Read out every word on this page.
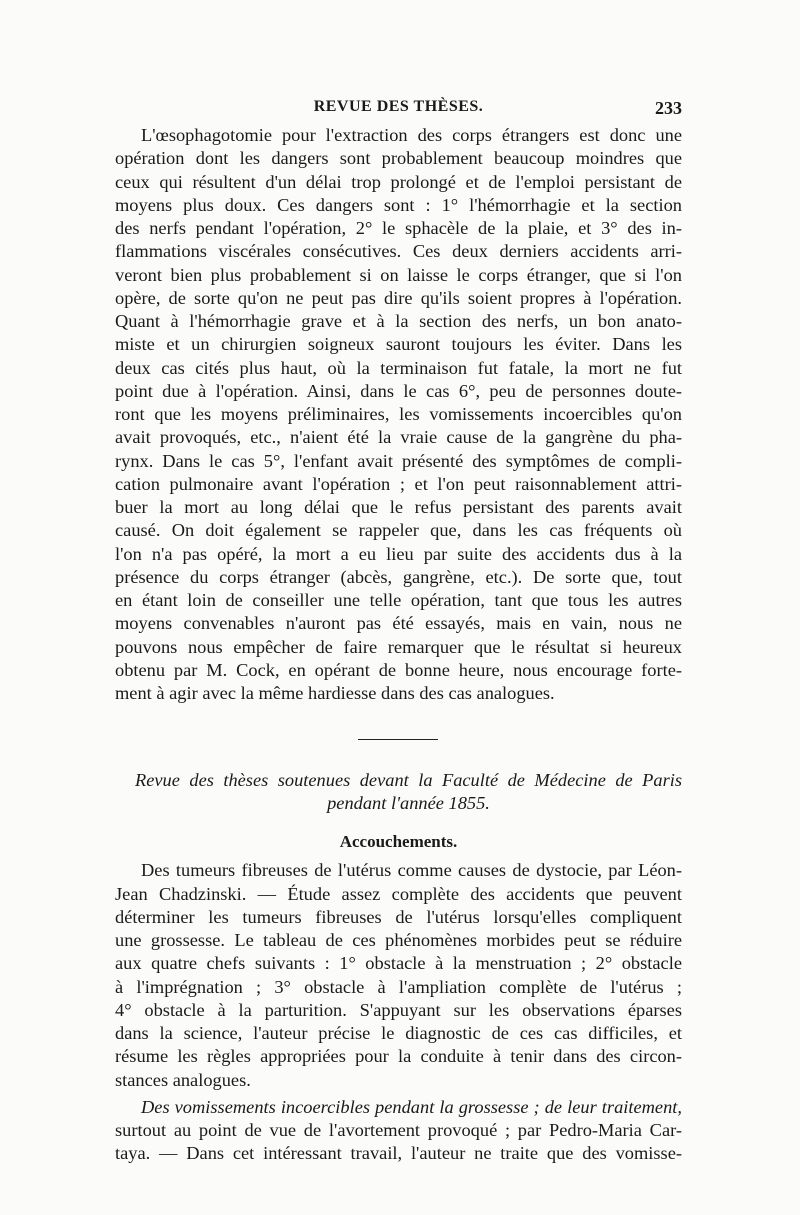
REVUE DES THÈSES.	233
L'œsophagotomie pour l'extraction des corps étrangers est donc une
opération dont les dangers sont probablement beaucoup moindres que
ceux qui résultent d'un délai trop prolongé et de l'emploi persistant de
moyens plus doux. Ces dangers sont : 1° l'hémorrhagie et la section
des nerfs pendant l'opération, 2° le sphacèle de la plaie, et 3° des in-
flammations viscérales consécutives. Ces deux derniers accidents arri-
veront bien plus probablement si on laisse le corps étranger, que si l'on
opère, de sorte qu'on ne peut pas dire qu'ils soient propres à l'opération.
Quant à l'hémorrhagie grave et à la section des nerfs, un bon anato-
miste et un chirurgien soigneux sauront toujours les éviter. Dans les
deux cas cités plus haut, où la terminaison fut fatale, la mort ne fut
point due à l'opération. Ainsi, dans le cas 6°, peu de personnes doute-
ront que les moyens préliminaires, les vomissements incoercibles qu'on
avait provoqués, etc., n'aient été la vraie cause de la gangrène du pha-
rynx. Dans le cas 5°, l'enfant avait présenté des symptômes de compli-
cation pulmonaire avant l'opération ; et l'on peut raisonnablement attri-
buer la mort au long délai que le refus persistant des parents avait
causé. On doit également se rappeler que, dans les cas fréquents où
l'on n'a pas opéré, la mort a eu lieu par suite des accidents dus à la
présence du corps étranger (abcès, gangrène, etc.). De sorte que, tout
en étant loin de conseiller une telle opération, tant que tous les autres
moyens convenables n'auront pas été essayés, mais en vain, nous ne
pouvons nous empêcher de faire remarquer que le résultat si heureux
obtenu par M. Cock, en opérant de bonne heure, nous encourage forte-
ment à agir avec la même hardiesse dans des cas analogues.
Revue des thèses soutenues devant la Faculté de Médecine de Paris
pendant l'année 1855.
Accouchements.
Des tumeurs fibreuses de l'utérus comme causes de dystocie, par Léon-
Jean Chadzinski. — Étude assez complète des accidents que peuvent
déterminer les tumeurs fibreuses de l'utérus lorsqu'elles compliquent
une grossesse. Le tableau de ces phénomènes morbides peut se réduire
aux quatre chefs suivants : 1° obstacle à la menstruation ; 2° obstacle
à l'imprégnation ; 3° obstacle à l'ampliation complète de l'utérus ;
4° obstacle à la parturition. S'appuyant sur les observations éparses
dans la science, l'auteur précise le diagnostic de ces cas difficiles, et
résume les règles appropriées pour la conduite à tenir dans des circon-
stances analogues.
Des vomissements incoercibles pendant la grossesse ; de leur traitement,
surtout au point de vue de l'avortement provoqué ; par Pedro-Maria Car-
taya. — Dans cet intéressant travail, l'auteur ne traite que des vomisse-
